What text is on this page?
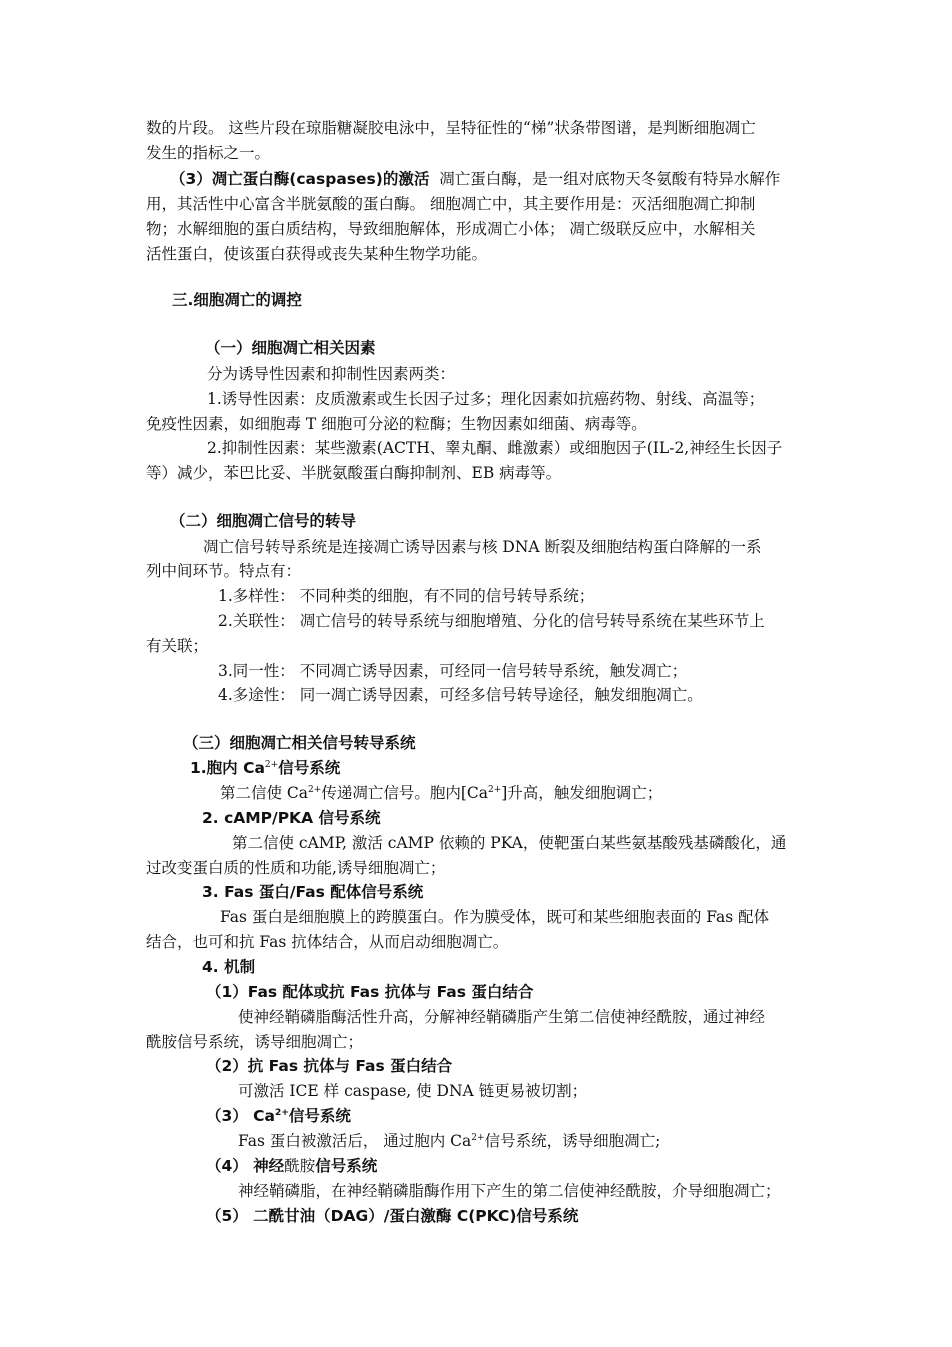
数的片段。 这些片段在琼脂糖凝胶电泳中，呈特征性的“梯”状条带图谱，是判断细胞凋亡
发生的指标之一。
（3）凋亡蛋白酶(caspases)的激活 凋亡蛋白酶，是一组对底物天冬氨酸有特异水解作
用，其活性中心富含半胱氨酸的蛋白酶。 细胞凋亡中，其主要作用是：灭活细胞凋亡抑制
物；水解细胞的蛋白质结构，导致细胞解体，形成凋亡小体； 凋亡级联反应中，水解相关
活性蛋白，使该蛋白获得或丧失某种生物学功能。
三.细胞凋亡的调控
（一）细胞凋亡相关因素
分为诱导性因素和抑制性因素两类：
1.诱导性因素：皮质激素或生长因子过多；理化因素如抗癌药物、射线、高温等；
免疫性因素，如细胞毒 T 细胞可分泌的粒酶；生物因素如细菌、病毒等。
2.抑制性因素：某些激素(ACTH、睾丸酮、雌激素）或细胞因子(IL-2,神经生长因子
等）减少，苯巴比妥、半胱氨酸蛋白酶抑制剂、EB 病毒等。
（二）细胞凋亡信号的转导
凋亡信号转导系统是连接凋亡诱导因素与核 DNA 断裂及细胞结构蛋白降解的一系
列中间环节。特点有：
1.多样性： 不同种类的细胞，有不同的信号转导系统；
2.关联性： 凋亡信号的转导系统与细胞增殖、分化的信号转导系统在某些环节上
有关联；
3.同一性： 不同凋亡诱导因素，可经同一信号转导系统，触发凋亡；
4.多途性： 同一凋亡诱导因素，可经多信号转导途径，触发细胞凋亡。
（三）细胞凋亡相关信号转导系统
1.胞内 $Ca^{2+}$信号系统
第二信使 $Ca^{2+}$传递凋亡信号。胞内$[Ca^{2+}]$升高，触发细胞调亡；
2. cAMP/PKA 信号系统
第二信使 cAMP, 激活 cAMP 依赖的 PKA，使靶蛋白某些氨基酸残基磷酸化，通
过改变蛋白质的性质和功能,诱导细胞凋亡；
3. Fas 蛋白/Fas 配体信号系统
Fas 蛋白是细胞膜上的跨膜蛋白。作为膜受体，既可和某些细胞表面的 Fas 配体
结合，也可和抗 Fas 抗体结合，从而启动细胞凋亡。
4. 机制
（1）Fas 配体或抗 Fas 抗体与 Fas 蛋白结合
使神经鞘磷脂酶活性升高，分解神经鞘磷脂产生第二信使神经酰胺，通过神经
酰胺信号系统，诱导细胞凋亡；
（2）抗 Fas 抗体与 Fas 蛋白结合
可激活 ICE 样 caspase, 使 DNA 链更易被切割；
（3） $Ca^{2+}$信号系统
Fas 蛋白被激活后， 通过胞内 $Ca^{2+}$信号系统，诱导细胞凋亡;
（4） 神经酰胺信号系统
神经鞘磷脂，在神经鞘磷脂酶作用下产生的第二信使神经酰胺，介导细胞凋亡；
（5） 二酰甘油（DAG）/蛋白激酶 C(PKC)信号系统
